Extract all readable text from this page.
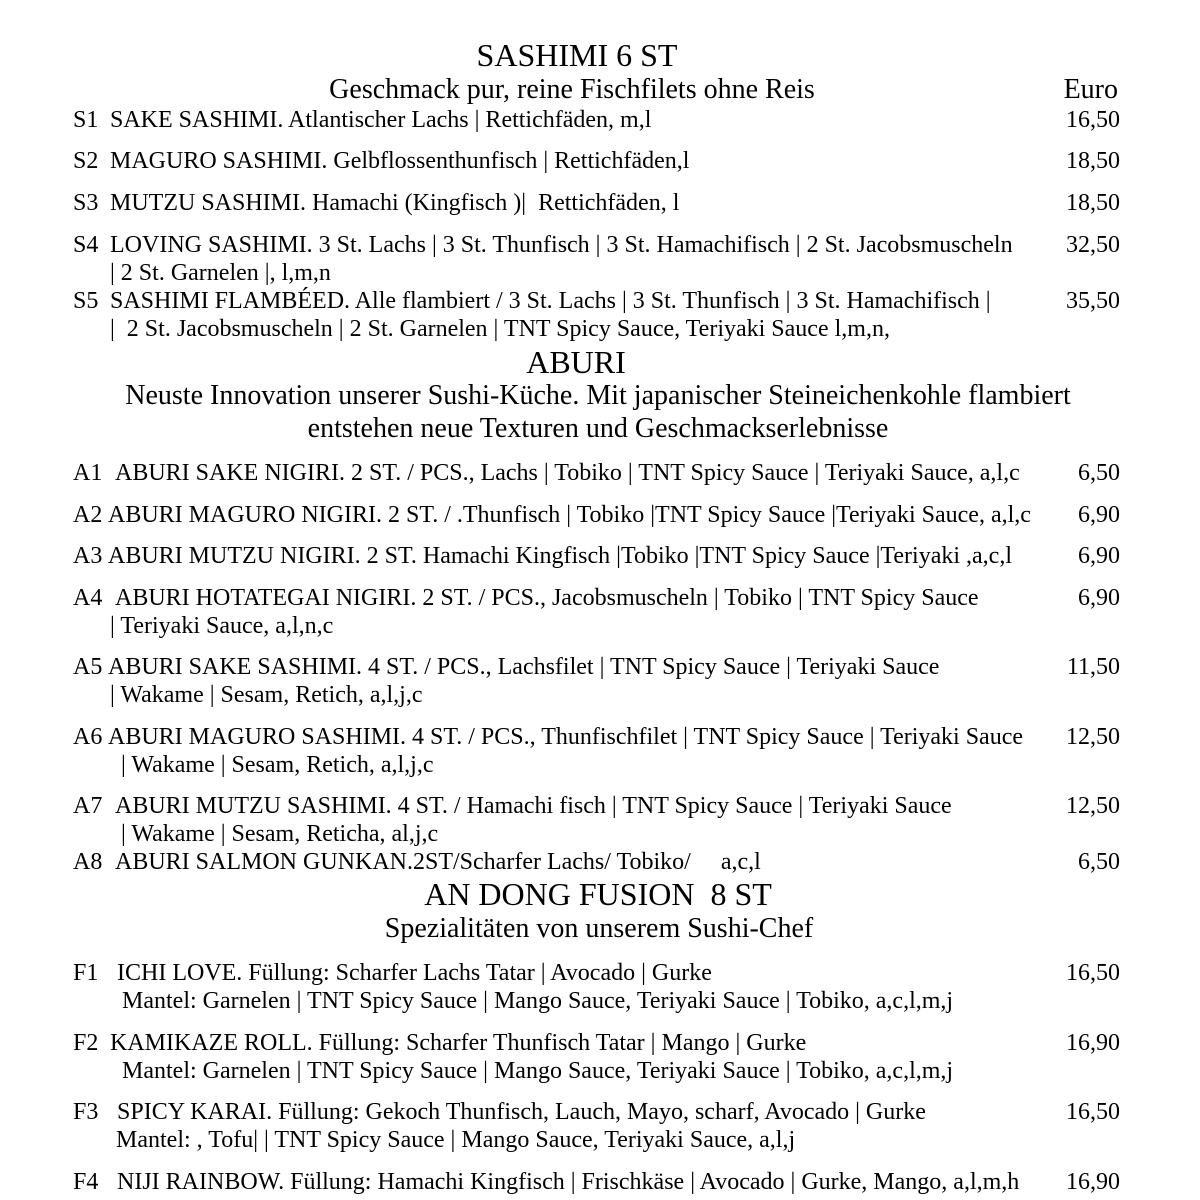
SASHIMI 6 ST
Geschmack pur, reine Fischfilets ohne Reis	Euro
S1 SAKE SASHIMI. Atlantischer Lachs | Rettichfäden, m,l	16,50
S2 MAGURO SASHIMI. Gelbflossenthunfisch | Rettichfäden,l	18,50
S3 MUTZU SASHIMI. Hamachi (Kingfisch )|  Rettichfäden, l	18,50
S4 LOVING SASHIMI. 3 St. Lachs | 3 St. Thunfisch | 3 St. Hamachifisch | 2 St. Jacobsmuscheln
| 2 St. Garnelen |, l,m,n
32,50
S5 SASHIMI FLAMBÉED. Alle flambiert / 3 St. Lachs | 3 St. Thunfisch | 3 St. Hamachifisch |
|  2 St. Jacobsmuscheln | 2 St. Garnelen | TNT Spicy Sauce, Teriyaki Sauce l,m,n,
35,50
ABURI
Neuste Innovation unserer Sushi-Küche. Mit japanischer Steineichenkohle flambiert
entstehen neue Texturen und Geschmackserlebnisse
A1 ABURI SAKE NIGIRI. 2 ST. / PCS., Lachs | Tobiko | TNT Spicy Sauce | Teriyaki Sauce, a,l,c 6,50
A2 ABURI MAGURO NIGIRI. 2 ST. / .Thunfisch | Tobiko |TNT Spicy Sauce |Teriyaki Sauce, a,l,c 6,90
A3 ABURI MUTZU NIGIRI. 2 ST. Hamachi Kingfisch |Tobiko |TNT Spicy Sauce |Teriyaki ,a,c,l	6,90
A4 ABURI HOTATEGAI NIGIRI. 2 ST. / PCS., Jacobsmuscheln | Tobiko | TNT Spicy Sauce
| Teriyaki Sauce, a,l,n,c
6,90
A5 ABURI SAKE SASHIMI. 4 ST. / PCS., Lachsfilet | TNT Spicy Sauce | Teriyaki Sauce
| Wakame | Sesam, Retich, a,l,j,c
11,50
A6 ABURI MAGURO SASHIMI. 4 ST. / PCS., Thunfischfilet | TNT Spicy Sauce | Teriyaki Sauce
| Wakame | Sesam, Retich, a,l,j,c
12,50
A7 ABURI MUTZU SASHIMI. 4 ST. / Hamachi fisch | TNT Spicy Sauce | Teriyaki Sauce
| Wakame | Sesam, Reticha, al,j,c
12,50
A8 ABURI SALMON GUNKAN.2ST/Scharfer Lachs/ Tobiko/     a,c,l	6,50
AN DONG FUSION  8 ST
Spezialitäten von unserem Sushi-Chef
F1 ICHI LOVE. Füllung: Scharfer Lachs Tatar | Avocado | Gurke
Mantel: Garnelen | TNT Spicy Sauce | Mango Sauce, Teriyaki Sauce | Tobiko, a,c,l,m,j
16,50
F2 KAMIKAZE ROLL. Füllung: Scharfer Thunfisch Tatar | Mango | Gurke
Mantel: Garnelen | TNT Spicy Sauce | Mango Sauce, Teriyaki Sauce | Tobiko, a,c,l,m,j
16,90
F3 SPICY KARAI. Füllung: Gekoch Thunfisch, Lauch, Mayo, scharf, Avocado | Gurke
Mantel: , Tofu| | TNT Spicy Sauce | Mango Sauce, Teriyaki Sauce, a,l,j
16,50
F4 NIJI RAINBOW. Füllung: Hamachi Kingfisch | Frischkäse | Avocado | Gurke, Mango, a,l,m,h 16,90
